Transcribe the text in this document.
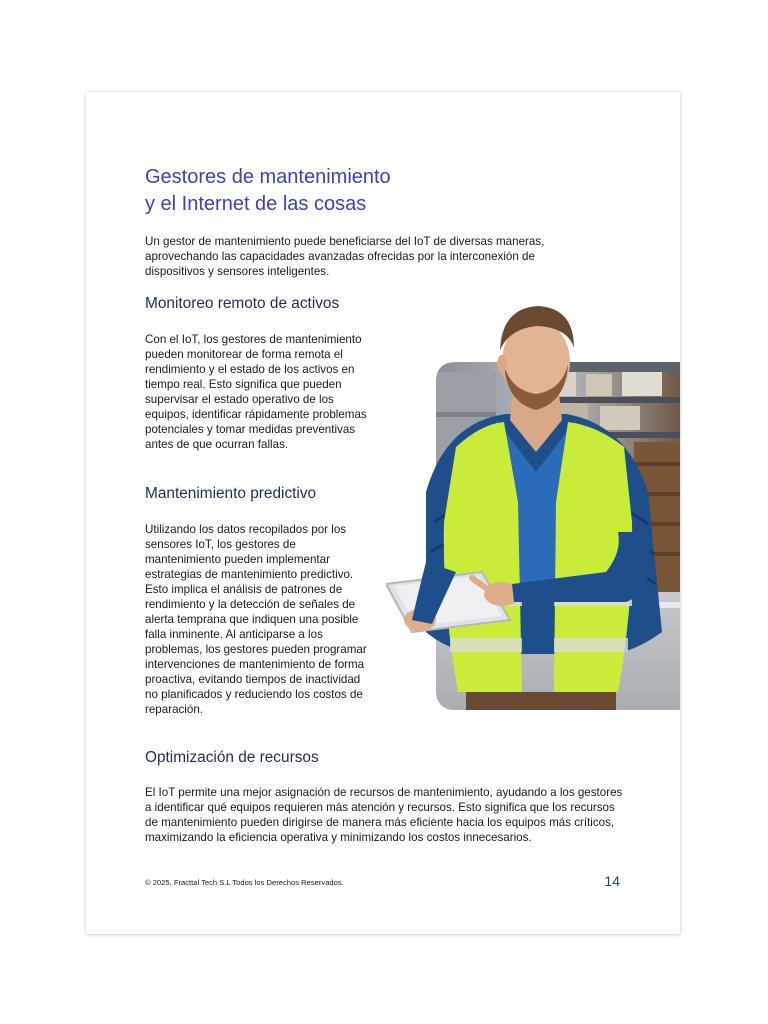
Gestores de mantenimiento
y el Internet de las cosas

Un gestor de mantenimiento puede beneficiarse del IoT de diversas maneras, aprovechando las capacidades avanzadas ofrecidas por la interconexión de dispositivos y sensores inteligentes.

Monitoreo remoto de activos

Con el IoT, los gestores de mantenimiento pueden monitorear de forma remota el rendimiento y el estado de los activos en tiempo real. Esto significa que pueden supervisar el estado operativo de los equipos, identificar rápidamente problemas potenciales y tomar medidas preventivas antes de que ocurran fallas.

Mantenimiento predictivo

Utilizando los datos recopilados por los sensores IoT, los gestores de mantenimiento pueden implementar estrategias de mantenimiento predictivo. Esto implica el análisis de patrones de rendimiento y la detección de señales de alerta temprana que indiquen una posible falla inminente. Al anticiparse a los problemas, los gestores pueden programar intervenciones de mantenimiento de forma proactiva, evitando tiempos de inactividad no planificados y reduciendo los costos de reparación.

Optimización de recursos

El IoT permite una mejor asignación de recursos de mantenimiento, ayudando a los gestores a identificar qué equipos requieren más atención y recursos. Esto significa que los recursos de mantenimiento pueden dirigirse de manera más eficiente hacia los equipos más críticos, maximizando la eficiencia operativa y minimizando los costos innecesarios.

© 2025, Fracttal Tech S.L Todos los Derechos Reservados.	14
